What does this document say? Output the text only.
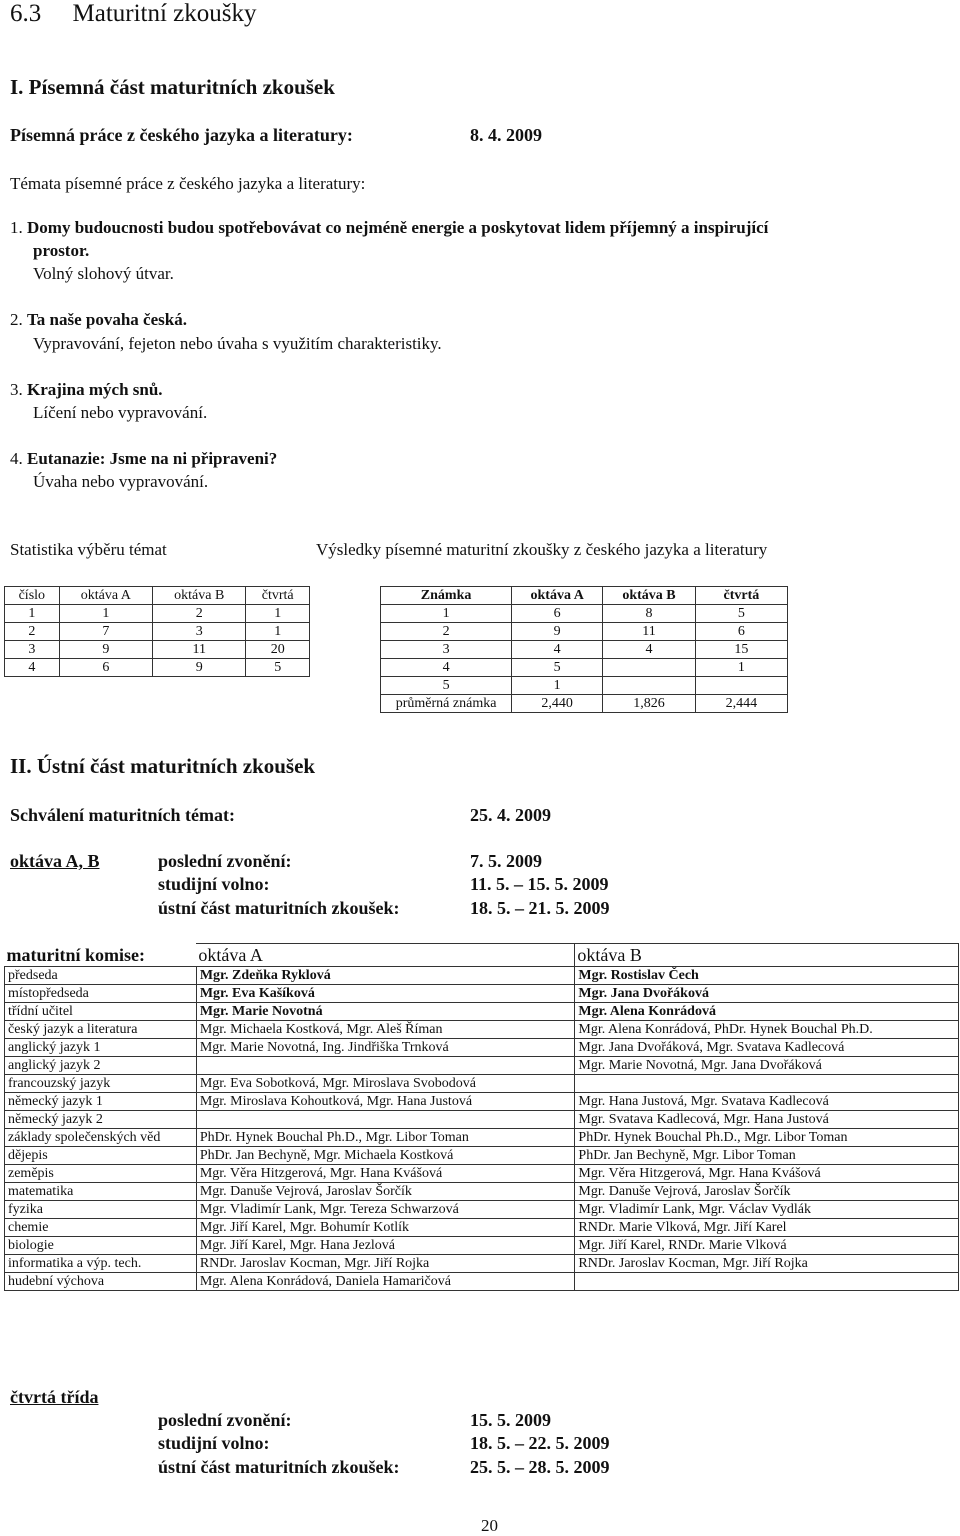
6.3     Maturitní zkoušky
I. Písemná část maturitních zkoušek
Písemná práce z českého jazyka a literatury:	8. 4. 2009
Témata písemné práce z českého jazyka a literatury:
1. Domy budoucnosti budou spotřebovávat co nejméně energie a poskytovat lidem příjemný a inspirující
prostor.
Volný slohový útvar.
2. Ta naše povaha česká.
Vypravování, fejeton nebo úvaha s využitím charakteristiky.
3. Krajina mých snů.
Líčení nebo vypravování.
4. Eutanazie: Jsme na ni připraveni?
Úvaha nebo vypravování.
Statistika výběru témat	Výsledky písemné maturitní zkoušky z českého jazyka a literatury
číslo	oktáva A	oktáva B	čtvrtá
1	1	2	1
2	7	3	1
3	9	11	20
4	6	9	5
Známka	oktáva A	oktáva B	čtvrtá
1	6	8	5
2	9	11	6
3	4	4	15
4	5		1
5	1		
průměrná známka	2,440	1,826	2,444
II. Ústní část maturitních zkoušek
Schválení maturitních témat:	25. 4. 2009
oktáva A, B	poslední zvonění:	7. 5. 2009
studijní volno:	11. 5. – 15. 5. 2009
ústní část maturitních zkoušek:	18. 5. – 21. 5. 2009
maturitní komise:	oktáva A	oktáva B
předseda	Mgr. Zdeňka Ryklová	Mgr. Rostislav Čech
místopředseda	Mgr. Eva Kašíková	Mgr. Jana Dvořáková
třídní učitel	Mgr. Marie Novotná	Mgr. Alena Konrádová
český jazyk a literatura	Mgr. Michaela Kostková, Mgr. Aleš Říman	Mgr. Alena Konrádová, PhDr. Hynek Bouchal Ph.D.
anglický jazyk 1	Mgr. Marie Novotná, Ing. Jindřiška Trnková	Mgr. Jana Dvořáková, Mgr. Svatava Kadlecová
anglický jazyk 2		Mgr. Marie Novotná, Mgr. Jana Dvořáková
francouzský jazyk	Mgr. Eva Sobotková, Mgr. Miroslava Svobodová	
německý jazyk 1	Mgr. Miroslava Kohoutková, Mgr. Hana Justová	Mgr. Hana Justová, Mgr. Svatava Kadlecová
německý jazyk 2		Mgr. Svatava Kadlecová, Mgr. Hana Justová
základy společenských věd	PhDr. Hynek Bouchal Ph.D., Mgr. Libor Toman	PhDr. Hynek Bouchal Ph.D., Mgr. Libor Toman
dějepis	PhDr. Jan Bechyně, Mgr. Michaela Kostková	PhDr. Jan Bechyně, Mgr. Libor Toman
zeměpis	Mgr. Věra Hitzgerová, Mgr. Hana Kvášová	Mgr. Věra Hitzgerová, Mgr. Hana Kvášová
matematika	Mgr. Danuše Vejrová, Jaroslav Šorčík	Mgr. Danuše Vejrová, Jaroslav Šorčík
fyzika	Mgr. Vladimír Lank, Mgr. Tereza Schwarzová	Mgr. Vladimír Lank, Mgr. Václav Vydlák
chemie	Mgr. Jiří Karel, Mgr. Bohumír Kotlík	RNDr. Marie Vlková, Mgr. Jiří Karel
biologie	Mgr. Jiří Karel, Mgr. Hana Jezlová	Mgr. Jiří Karel, RNDr. Marie Vlková
informatika a výp. tech.	RNDr. Jaroslav Kocman, Mgr. Jiří Rojka	RNDr. Jaroslav Kocman, Mgr. Jiří Rojka
hudební výchova	Mgr. Alena Konrádová, Daniela Hamaričová	
čtvrtá třída
poslední zvonění:	15. 5. 2009
studijní volno:	18. 5. – 22. 5. 2009
ústní část maturitních zkoušek:	25. 5. – 28. 5. 2009
20
